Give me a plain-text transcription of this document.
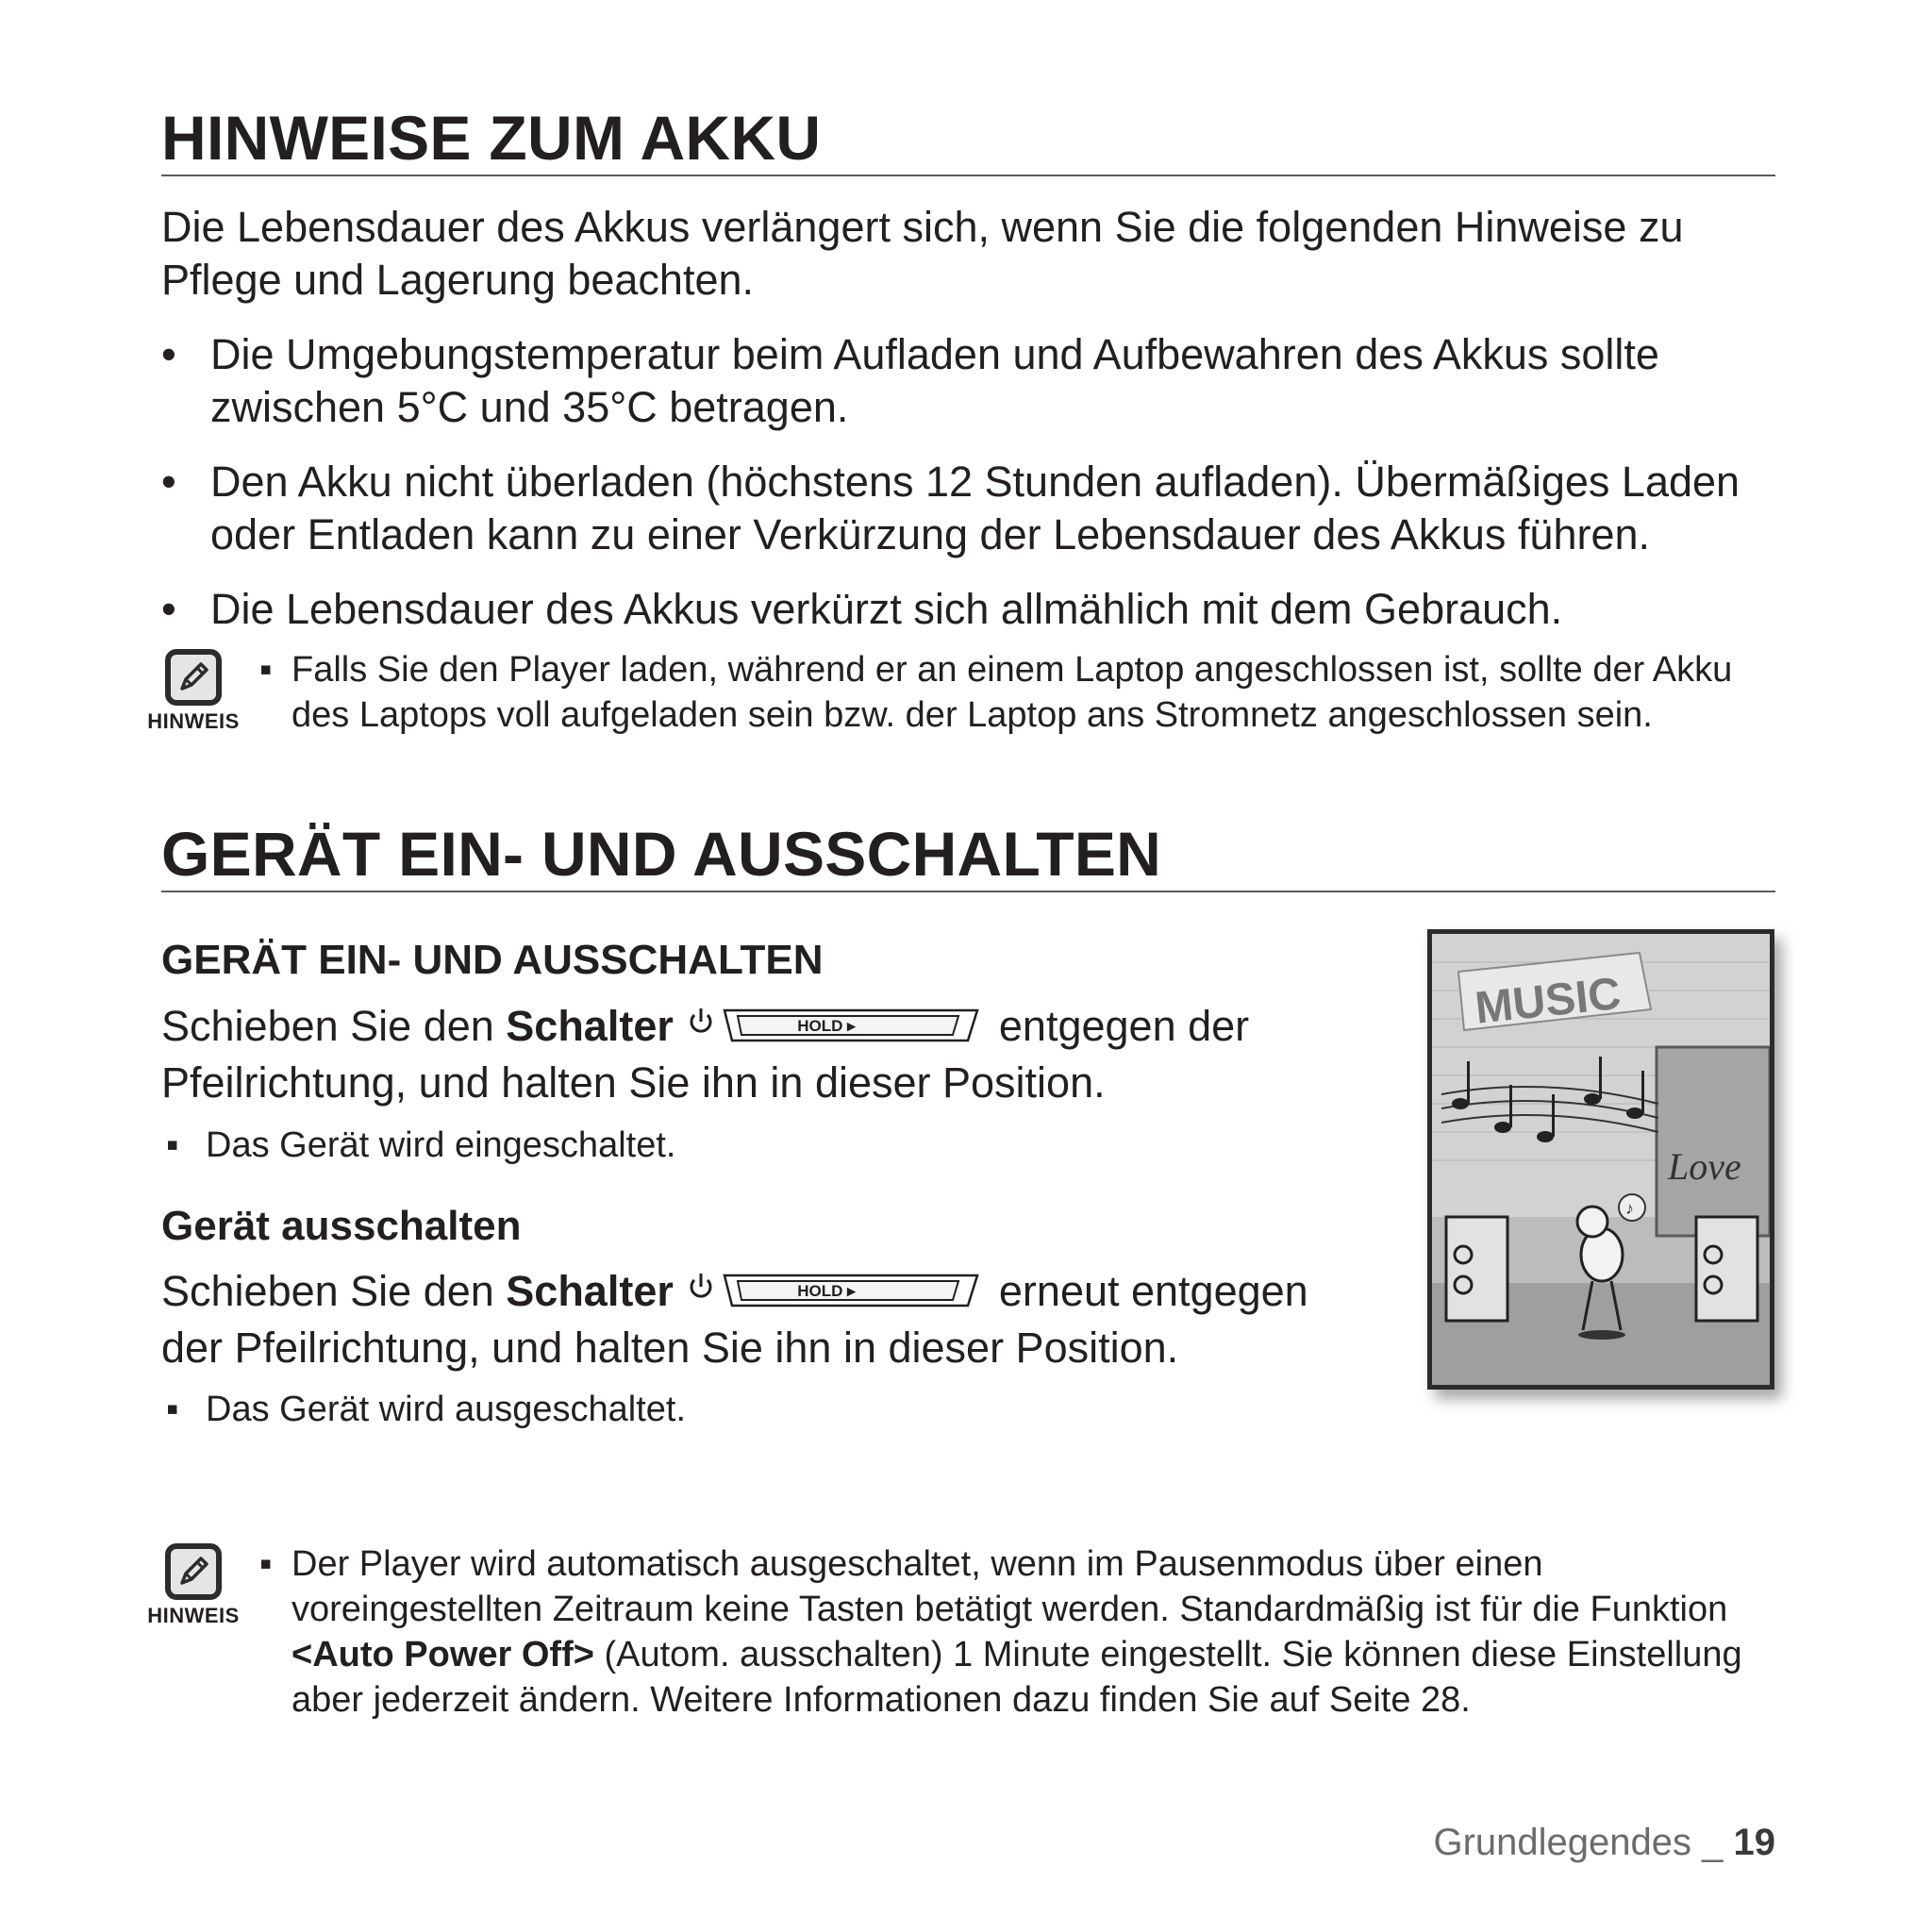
HINWEISE ZUM AKKU
Die Lebensdauer des Akkus verlängert sich, wenn Sie die folgenden Hinweise zu Pflege und Lagerung beachten.
• Die Umgebungstemperatur beim Aufladen und Aufbewahren des Akkus sollte zwischen 5°C und 35°C betragen.
• Den Akku nicht überladen (höchstens 12 Stunden aufladen). Übermäßiges Laden oder Entladen kann zu einer Verkürzung der Lebensdauer des Akkus führen.
• Die Lebensdauer des Akkus verkürzt sich allmählich mit dem Gebrauch.
HINWEIS
▪ Falls Sie den Player laden, während er an einem Laptop angeschlossen ist, sollte der Akku des Laptops voll aufgeladen sein bzw. der Laptop ans Stromnetz angeschlossen sein.
GERÄT EIN- UND AUSSCHALTEN
GERÄT EIN- UND AUSSCHALTEN
Schieben Sie den Schalter	HOLD ▸	entgegen der
Pfeilrichtung, und halten Sie ihn in dieser Position.
▪ Das Gerät wird eingeschaltet.
Gerät ausschalten
Schieben Sie den Schalter	HOLD ▸	erneut entgegen
der Pfeilrichtung, und halten Sie ihn in dieser Position.
▪ Das Gerät wird ausgeschaltet.
MUSIC
Love
♪
HINWEIS
▪ Der Player wird automatisch ausgeschaltet, wenn im Pausenmodus über einen voreingestellten Zeitraum keine Tasten betätigt werden. Standardmäßig ist für die Funktion <Auto Power Off> (Autom. ausschalten) 1 Minute eingestellt. Sie können diese Einstellung aber jederzeit ändern. Weitere Informationen dazu finden Sie auf Seite 28.
Grundlegendes _ 19
